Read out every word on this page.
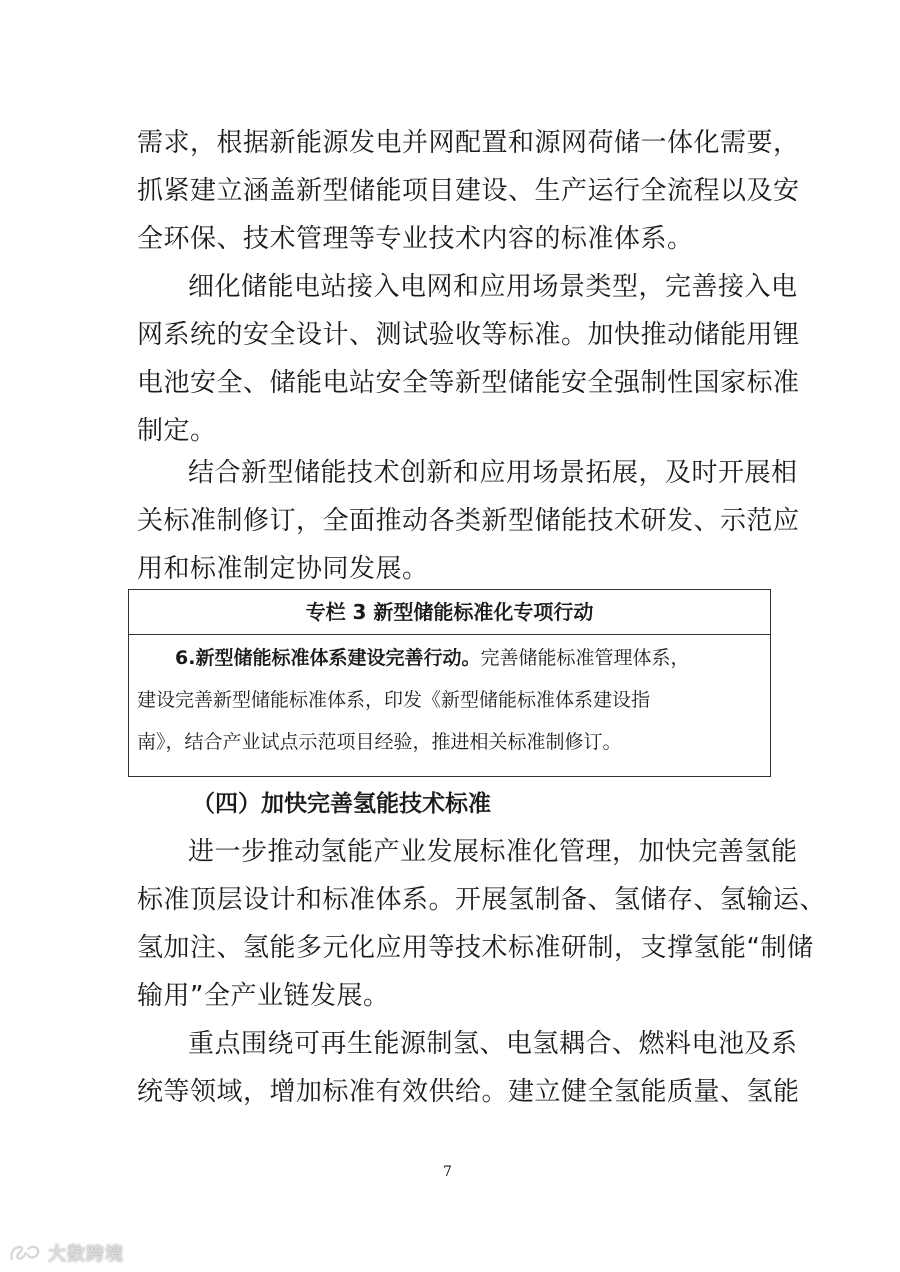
需求，根据新能源发电并网配置和源网荷储一体化需要，
抓紧建立涵盖新型储能项目建设、生产运行全流程以及安
全环保、技术管理等专业技术内容的标准体系。
细化储能电站接入电网和应用场景类型，完善接入电
网系统的安全设计、测试验收等标准。加快推动储能用锂
电池安全、储能电站安全等新型储能安全强制性国家标准
制定。
结合新型储能技术创新和应用场景拓展，及时开展相
关标准制修订，全面推动各类新型储能技术研发、示范应
用和标准制定协同发展。
专栏 3 新型储能标准化专项行动
6.新型储能标准体系建设完善行动。完善储能标准管理体系，
建设完善新型储能标准体系，印发《新型储能标准体系建设指
南》，结合产业试点示范项目经验，推进相关标准制修订。
（四）加快完善氢能技术标准
进一步推动氢能产业发展标准化管理，加快完善氢能
标准顶层设计和标准体系。开展氢制备、氢储存、氢输运、
氢加注、氢能多元化应用等技术标准研制，支撑氢能“制储
输用”全产业链发展。
重点围绕可再生能源制氢、电氢耦合、燃料电池及系
统等领域，增加标准有效供给。建立健全氢能质量、氢能
7
大数跨境
